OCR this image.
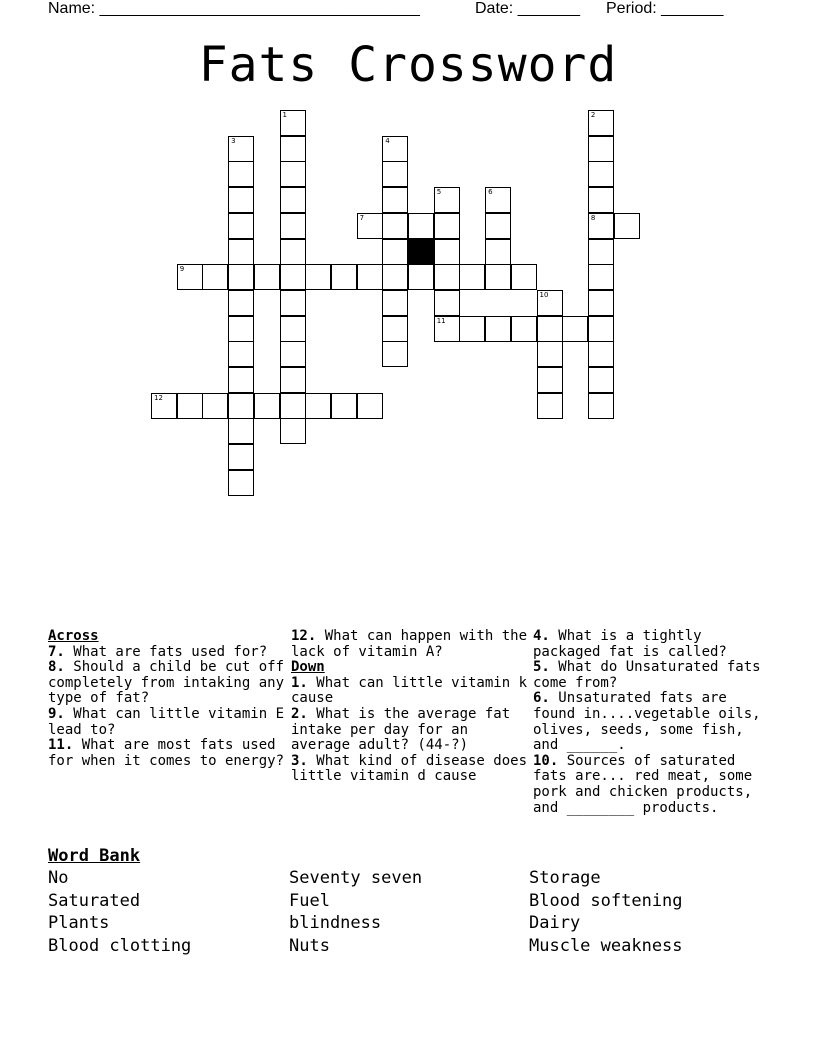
Name: ____________________________________	Date: _______ Period: _______
Fats Crossword
1	2
3	4
5	6
7	8
9
10
11
12
Across
7. What are fats used for?
8. Should a child be cut off completely from intaking any type of fat?
9. What can little vitamin E lead to?
11. What are most fats used for when it comes to energy?
12. What can happen with the lack of vitamin A?
Down
1. What can little vitamin k cause
2. What is the average fat intake per day for an average adult? (44-?)
3. What kind of disease does little vitamin d cause
4. What is a tightly packaged fat is called?
5. What do Unsaturated fats come from?
6. Unsaturated fats are found in....vegetable oils, olives, seeds, some fish, and ______.
10. Sources of saturated fats are... red meat, some pork and chicken products, and ________ products.
Word Bank
No	Seventy seven	Storage
Saturated	Fuel	Blood softening
Plants	blindness	Dairy
Blood clotting	Nuts	Muscle weakness
